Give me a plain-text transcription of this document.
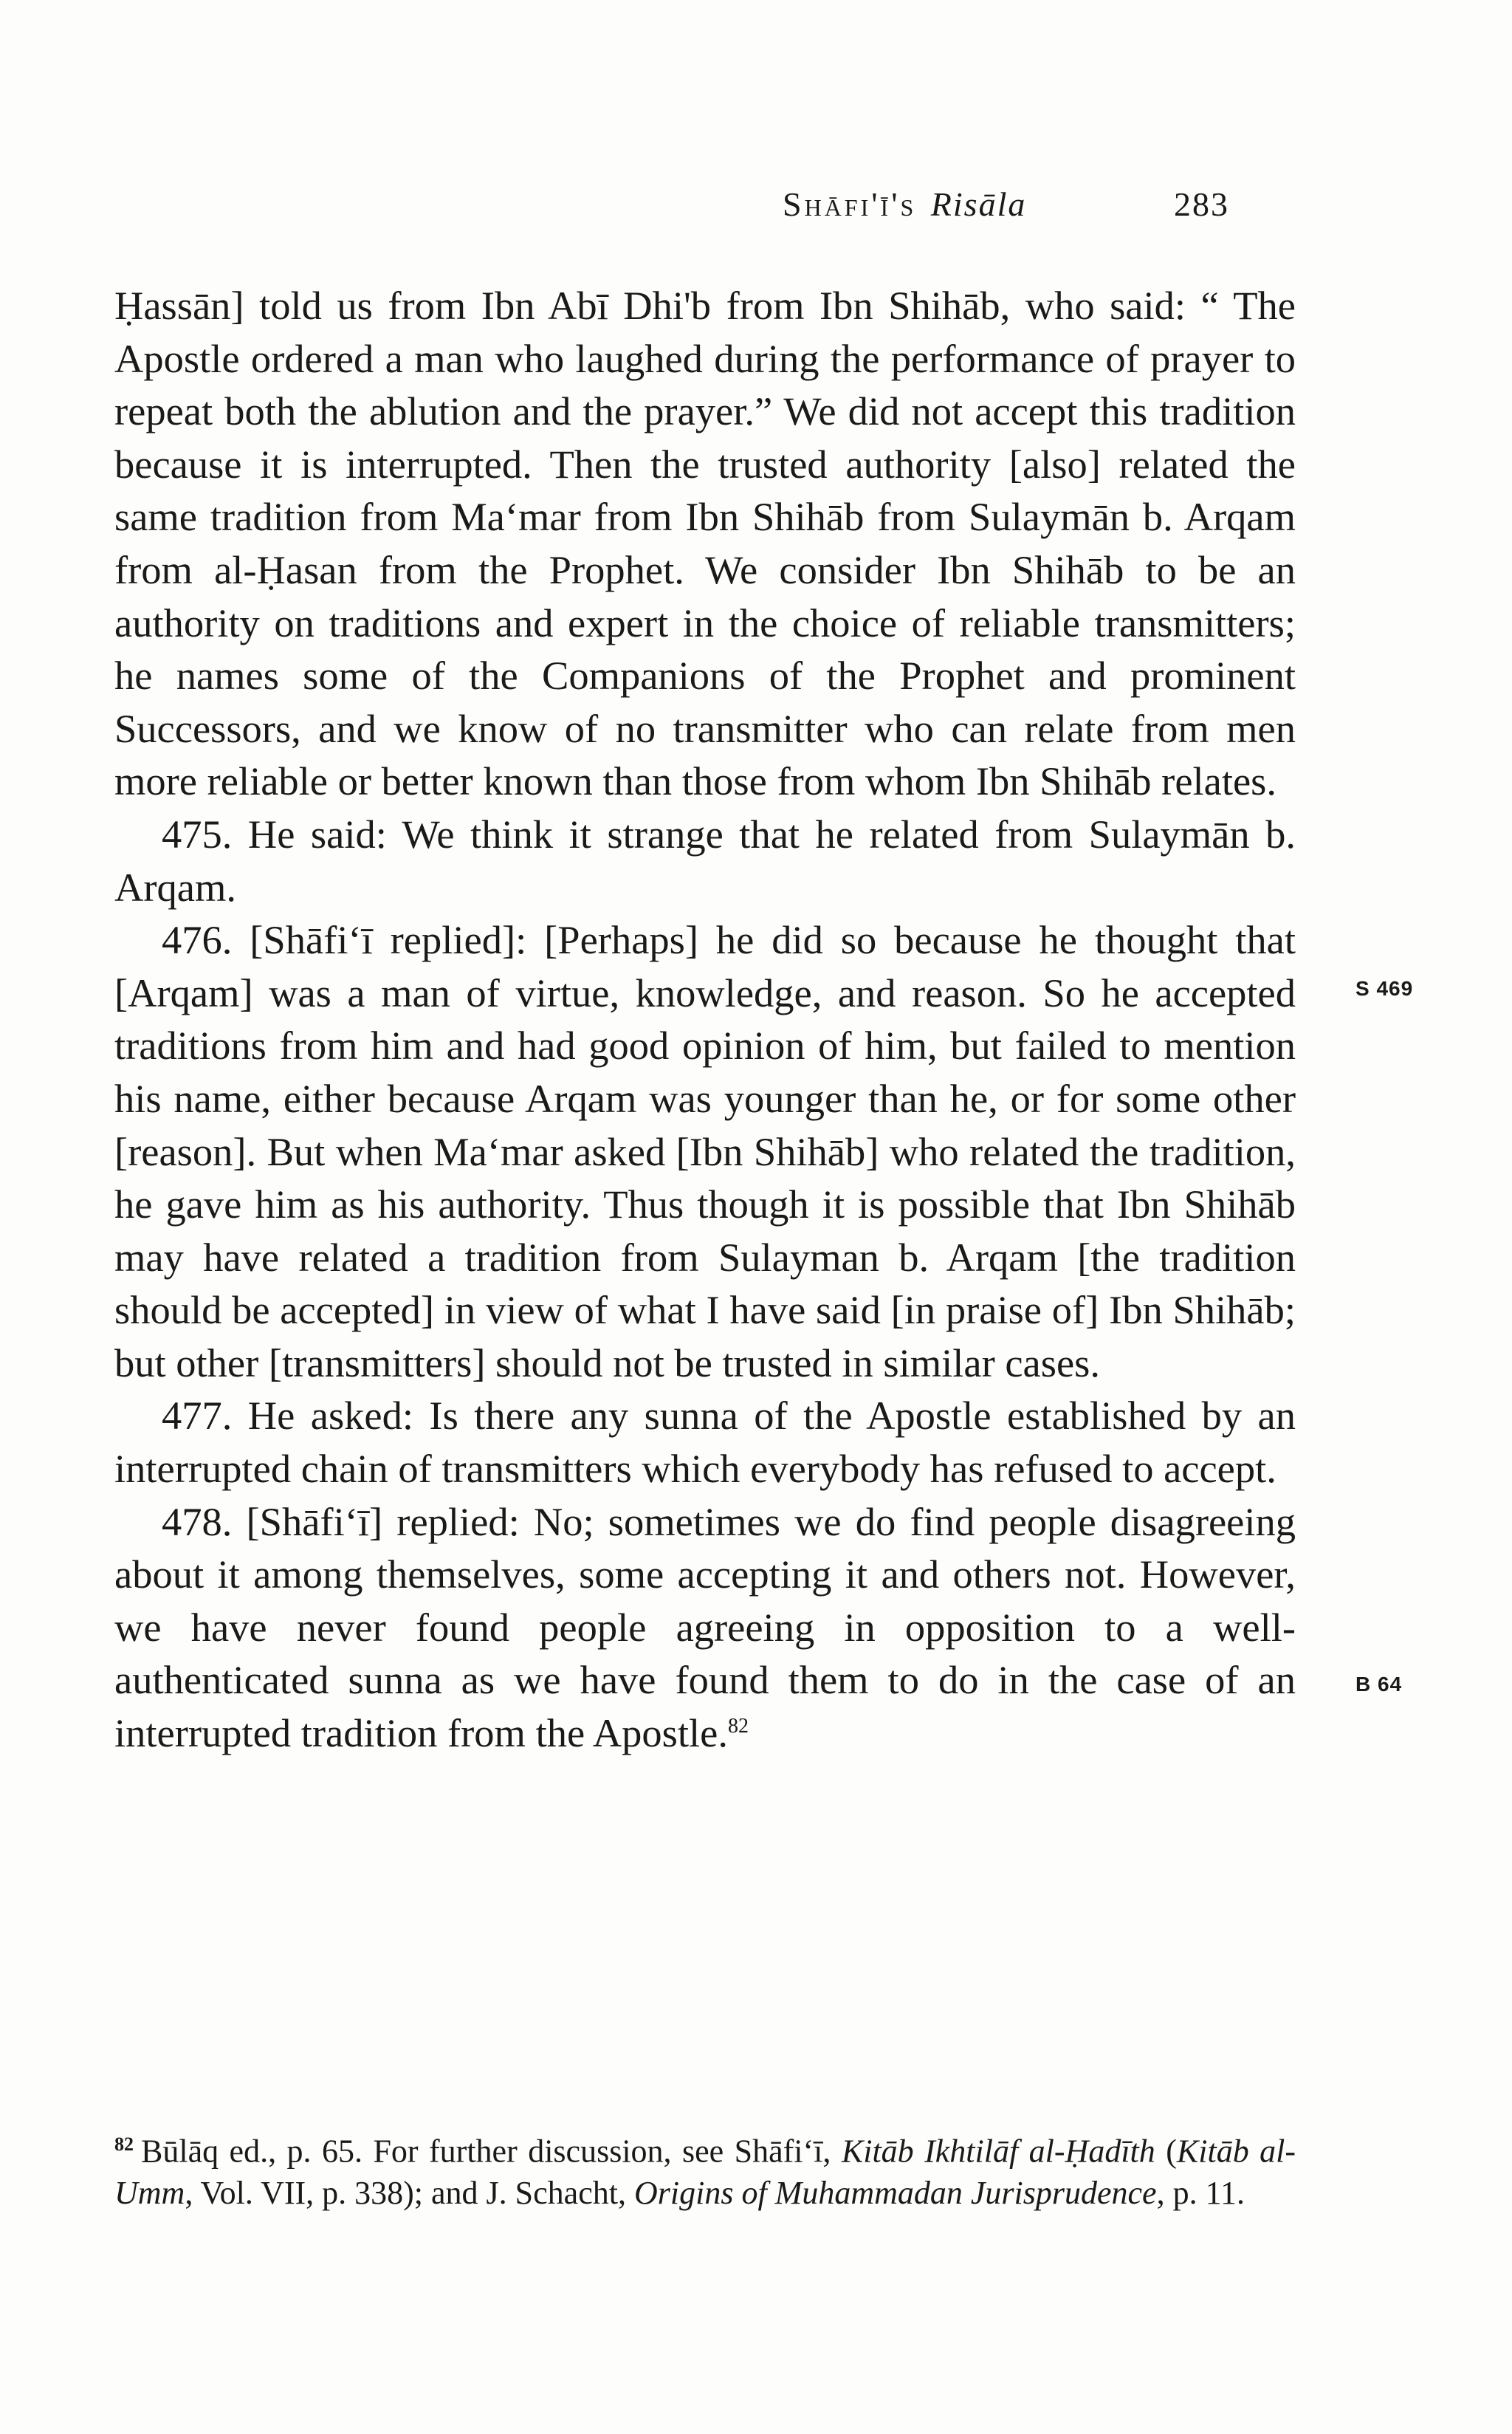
Shāfi'ī's Risāla	283

Ḥassān] told us from Ibn Abī Dhi'b from Ibn Shihāb, who said: “ The Apostle ordered a man who laughed during the performance of prayer to repeat both the ablution and the prayer.” We did not accept this tradition because it is interrupted. Then the trusted authority [also] related the same tradition from Ma‘mar from Ibn Shihāb from Sulaymān b. Arqam from al-Ḥasan from the Prophet. We consider Ibn Shihāb to be an authority on traditions and expert in the choice of reliable transmitters; he names some of the Companions of the Prophet and prominent Successors, and we know of no transmitter who can relate from men more reliable or better known than those from whom Ibn Shihāb relates.

475. He said: We think it strange that he related from Sulaymān b. Arqam.

476. [Shāfi‘ī replied]: [Perhaps] he did so because he thought that [Arqam] was a man of virtue, knowledge, and reason. So he accepted traditions from him and had good opinion of him, but failed to mention his name, either because Arqam was younger than he, or for some other [reason]. But when Ma‘mar asked [Ibn Shihāb] who related the tradition, he gave him as his authority. Thus though it is possible that Ibn Shihāb may have related a tradition from Sulayman b. Arqam [the tradition should be accepted] in view of what I have said [in praise of] Ibn Shihāb; but other [transmitters] should not be trusted in similar cases.

477. He asked: Is there any sunna of the Apostle established by an interrupted chain of transmitters which everybody has refused to accept.

478. [Shāfi‘ī] replied: No; sometimes we do find people disagreeing about it among themselves, some accepting it and others not. However, we have never found people agreeing in opposition to a well-authenticated sunna as we have found them to do in the case of an interrupted tradition from the Apostle.$^{82}$

S 469
B 64
$^{82}$ Būlāq ed., p. 65. For further discussion, see Shāfi‘ī, Kitāb Ikhtilāf al-Ḥadīth (Kitāb al-Umm, Vol. VII, p. 338); and J. Schacht, Origins of Muhammadan Jurisprudence, p. 11.
